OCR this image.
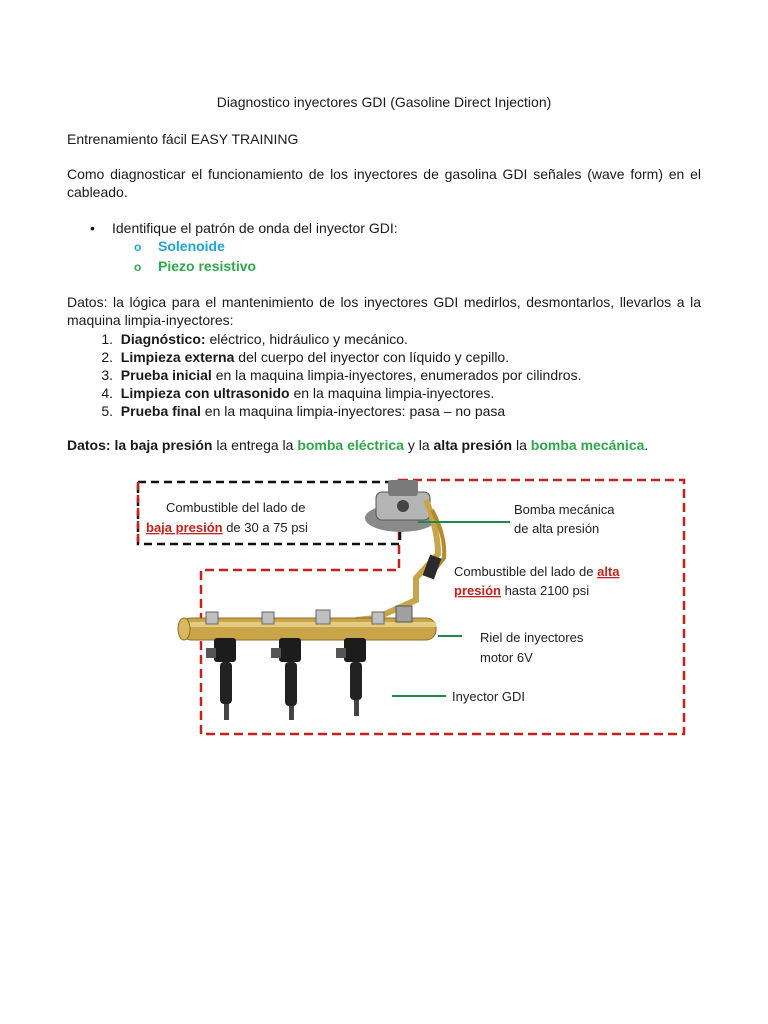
Diagnostico inyectores GDI (Gasoline Direct Injection)
Entrenamiento fácil EASY TRAINING
Como diagnosticar el funcionamiento de los inyectores de gasolina GDI señales (wave form) en el cableado.
• Identifique el patrón de onda del inyector GDI:
o Solenoide
o Piezo resistivo
Datos: la lógica para el mantenimiento de los inyectores GDI medirlos, desmontarlos, llevarlos a la maquina limpia-inyectores:
1. Diagnóstico: eléctrico, hidráulico y mecánico.
2. Limpieza externa del cuerpo del inyector con líquido y cepillo.
3. Prueba inicial en la maquina limpia-inyectores, enumerados por cilindros.
4. Limpieza con ultrasonido en la maquina limpia-inyectores.
5. Prueba final en la maquina limpia-inyectores: pasa – no pasa
Datos: la baja presión la entrega la bomba eléctrica y la alta presión la bomba mecánica.
Combustible del lado de
baja presión de 30 a 75 psi
Bomba mecánica
de alta presión
Combustible del lado de alta
presión hasta 2100 psi
Riel de inyectores
motor 6V
Inyector GDI
